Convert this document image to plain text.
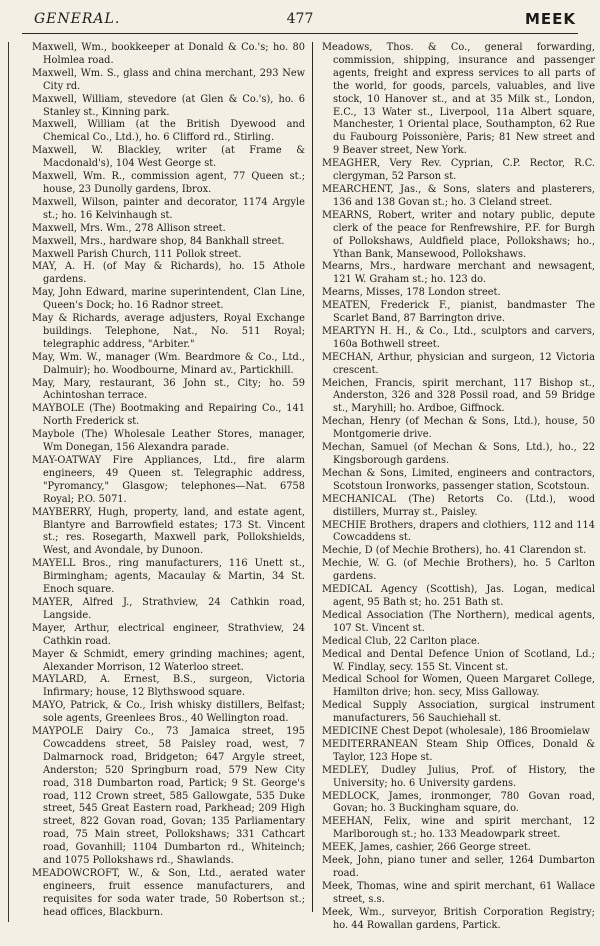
GENERAL.	477	MEEK

Maxwell, Wm., bookkeeper at Donald & Co.'s; ho. 80 Holmlea road.

Maxwell, Wm. S., glass and china merchant, 293 New City rd.

Maxwell, William, stevedore (at Glen & Co.'s), ho. 6 Stanley st., Kinning park.

Maxwell, William (at the British Dyewood and Chemical Co., Ltd.), ho. 6 Clifford rd., Stirling.

Maxwell, W. Blackley, writer (at Frame & Macdonald's), 104 West George st.

Maxwell, Wm. R., commission agent, 77 Queen st.; house, 23 Dunolly gardens, Ibrox.

Maxwell, Wilson, painter and decorator, 1174 Argyle st.; ho. 16 Kelvinhaugh st.

Maxwell, Mrs. Wm., 278 Allison street.

Maxwell, Mrs., hardware shop, 84 Bankhall street.

Maxwell Parish Church, 111 Pollok street.

MAY, A. H. (of May & Richards), ho. 15 Athole gardens.

May, John Edward, marine superintendent, Clan Line, Queen's Dock; ho. 16 Radnor street.

May & Richards, average adjusters, Royal Exchange buildings. Telephone, Nat., No. 511 Royal; telegraphic address, "Arbiter."

May, Wm. W., manager (Wm. Beardmore & Co., Ltd., Dalmuir); ho. Woodbourne, Minard av., Partickhill.

May, Mary, restaurant, 36 John st., City; ho. 59 Achintoshan terrace.

MAYBOLE (The) Bootmaking and Repairing Co., 141 North Frederick st.

Maybole (The) Wholesale Leather Stores, manager, Wm Donegan, 156 Alexandra parade.

MAY-OATWAY Fire Appliances, Ltd., fire alarm engineers, 49 Queen st. Telegraphic address, "Pyromancy," Glasgow; telephones—Nat. 6758 Royal; P.O. 5071.

MAYBERRY, Hugh, property, land, and estate agent, Blantyre and Barrowfield estates; 173 St. Vincent st.; res. Rosegarth, Maxwell park, Pollokshields, West, and Avondale, by Dunoon.

MAYELL Bros., ring manufacturers, 116 Unett st., Birmingham; agents, Macaulay & Martin, 34 St. Enoch square.

MAYER, Alfred J., Strathview, 24 Cathkin road, Langside.

Mayer, Arthur, electrical engineer, Strathview, 24 Cathkin road.

Mayer & Schmidt, emery grinding machines; agent, Alexander Morrison, 12 Waterloo street.

MAYLARD, A. Ernest, B.S., surgeon, Victoria Infirmary; house, 12 Blythswood square.

MAYO, Patrick, & Co., Irish whisky distillers, Belfast; sole agents, Greenlees Bros., 40 Wellington road.

MAYPOLE Dairy Co., 73 Jamaica street, 195 Cowcaddens street, 58 Paisley road, west, 7 Dalmarnock road, Bridgeton; 647 Argyle street, Anderston; 520 Springburn road, 579 New City road, 318 Dumbarton road, Partick; 9 St. George's road, 112 Crown street, 585 Gallowgate, 535 Duke street, 545 Great Eastern road, Parkhead; 209 High street, 822 Govan road, Govan; 135 Parliamentary road, 75 Main street, Pollokshaws; 331 Cathcart road, Govanhill; 1104 Dumbarton rd., Whiteinch; and 1075 Pollokshaws rd., Shawlands.

MEADOWCROFT, W., & Son, Ltd., aerated water engineers, fruit essence manufacturers, and requisites for soda water trade, 50 Robertson st.; head offices, Blackburn.

Meadows, Thos. & Co., general forwarding, commission, shipping, insurance and passenger agents, freight and express services to all parts of the world, for goods, parcels, valuables, and live stock, 10 Hanover st., and at 35 Milk st., London, E.C., 13 Water st., Liverpool, 11a Albert square, Manchester, 1 Oriental place, Southampton, 62 Rue du Faubourg Poissonière, Paris; 81 New street and 9 Beaver street, New York.

MEAGHER, Very Rev. Cyprian, C.P. Rector, R.C. clergyman, 52 Parson st.

MEARCHENT, Jas., & Sons, slaters and plasterers, 136 and 138 Govan st.; ho. 3 Cleland street.

MEARNS, Robert, writer and notary public, depute clerk of the peace for Renfrewshire, P.F. for Burgh of Pollokshaws, Auldfield place, Pollokshaws; ho., Ythan Bank, Mansewood, Pollokshaws.

Mearns, Mrs., hardware merchant and newsagent, 121 W. Graham st.; ho. 123 do.

Mearns, Misses, 178 London street.

MEATEN, Frederick F., pianist, bandmaster The Scarlet Band, 87 Barrington drive.

MEARTYN H. H., & Co., Ltd., sculptors and carvers, 160a Bothwell street.

MECHAN, Arthur, physician and surgeon, 12 Victoria crescent.

Meichen, Francis, spirit merchant, 117 Bishop st., Anderston, 326 and 328 Possil road, and 59 Bridge st., Maryhill; ho. Ardboe, Giffnock.

Mechan, Henry (of Mechan & Sons, Ltd.), house, 50 Montgomerie drive.

Mechan, Samuel (of Mechan & Sons, Ltd.), ho., 22 Kingsborough gardens.

Mechan & Sons, Limited, engineers and contractors, Scotstoun Ironworks, passenger station, Scotstoun.

MECHANICAL (The) Retorts Co. (Ltd.), wood distillers, Murray st., Paisley.

MECHIE Brothers, drapers and clothiers, 112 and 114 Cowcaddens st.

Mechie, D (of Mechie Brothers), ho. 41 Clarendon st.

Mechie, W. G. (of Mechie Brothers), ho. 5 Carlton gardens.

MEDICAL Agency (Scottish), Jas. Logan, medical agent, 95 Bath st; ho. 251 Bath st.

Medical Association (The Northern), medical agents, 107 St. Vincent st.

Medical Club, 22 Carlton place.

Medical and Dental Defence Union of Scotland, Ld.; W. Findlay, secy. 155 St. Vincent st.

Medical School for Women, Queen Margaret College, Hamilton drive; hon. secy, Miss Galloway.

Medical Supply Association, surgical instrument manufacturers, 56 Sauchiehall st.

MEDICINE Chest Depot (wholesale), 186 Broomielaw

MEDITERRANEAN Steam Ship Offices, Donald & Taylor, 123 Hope st.

MEDLEY, Dudley Julius, Prof. of History, the University; ho. 6 University gardens.

MEDLOCK, James, ironmonger, 780 Govan road, Govan; ho. 3 Buckingham square, do.

MEEHAN, Felix, wine and spirit merchant, 12 Marlborough st.; ho. 133 Meadowpark street.

MEEK, James, cashier, 266 George street.

Meek, John, piano tuner and seller, 1264 Dumbarton road.

Meek, Thomas, wine and spirit merchant, 61 Wallace street, s.s.

Meek, Wm., surveyor, British Corporation Registry; ho. 44 Rowallan gardens, Partick.
